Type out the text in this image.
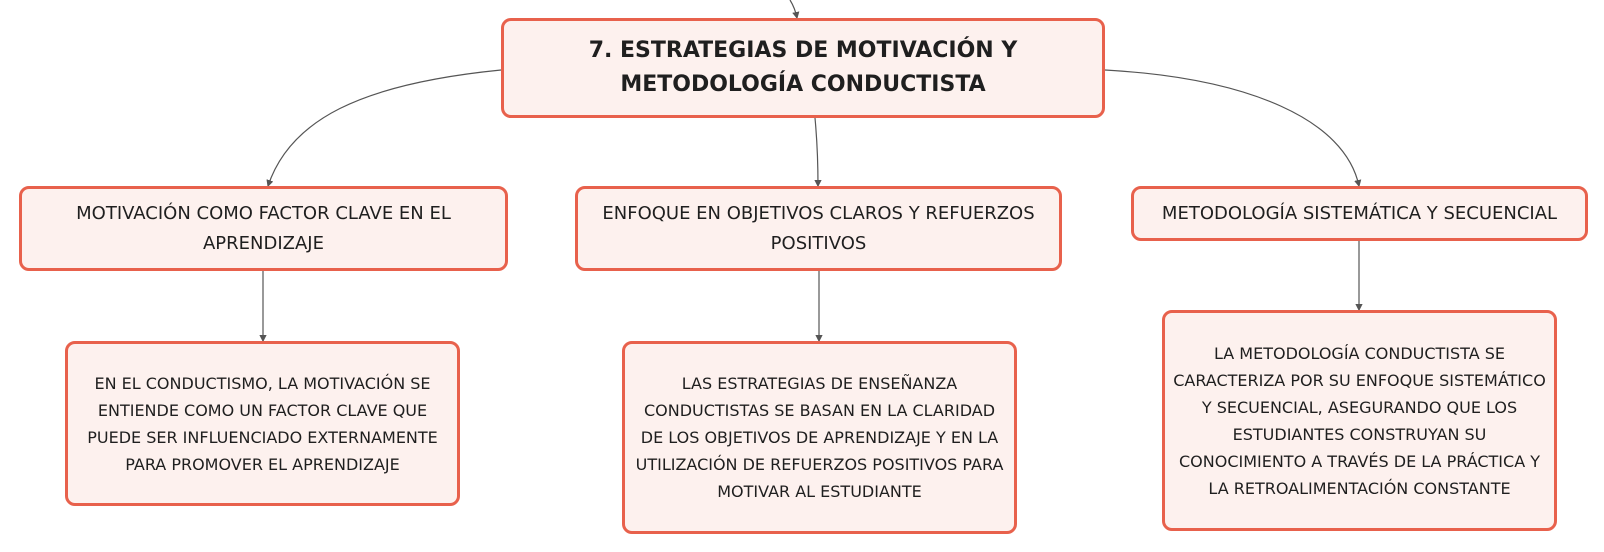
7. ESTRATEGIAS DE MOTIVACIÓN Y METODOLOGÍA CONDUCTISTA
MOTIVACIÓN COMO FACTOR CLAVE EN EL APRENDIZAJE
ENFOQUE EN OBJETIVOS CLAROS Y REFUERZOS POSITIVOS
METODOLOGÍA SISTEMÁTICA Y SECUENCIAL
EN EL CONDUCTISMO, LA MOTIVACIÓN SE ENTIENDE COMO UN FACTOR CLAVE QUE PUEDE SER INFLUENCIADO EXTERNAMENTE PARA PROMOVER EL APRENDIZAJE
LAS ESTRATEGIAS DE ENSEÑANZA CONDUCTISTAS SE BASAN EN LA CLARIDAD DE LOS OBJETIVOS DE APRENDIZAJE Y EN LA UTILIZACIÓN DE REFUERZOS POSITIVOS PARA MOTIVAR AL ESTUDIANTE
LA METODOLOGÍA CONDUCTISTA SE CARACTERIZA POR SU ENFOQUE SISTEMÁTICO Y SECUENCIAL, ASEGURANDO QUE LOS ESTUDIANTES CONSTRUYAN SU CONOCIMIENTO A TRAVÉS DE LA PRÁCTICA Y LA RETROALIMENTACIÓN CONSTANTE
